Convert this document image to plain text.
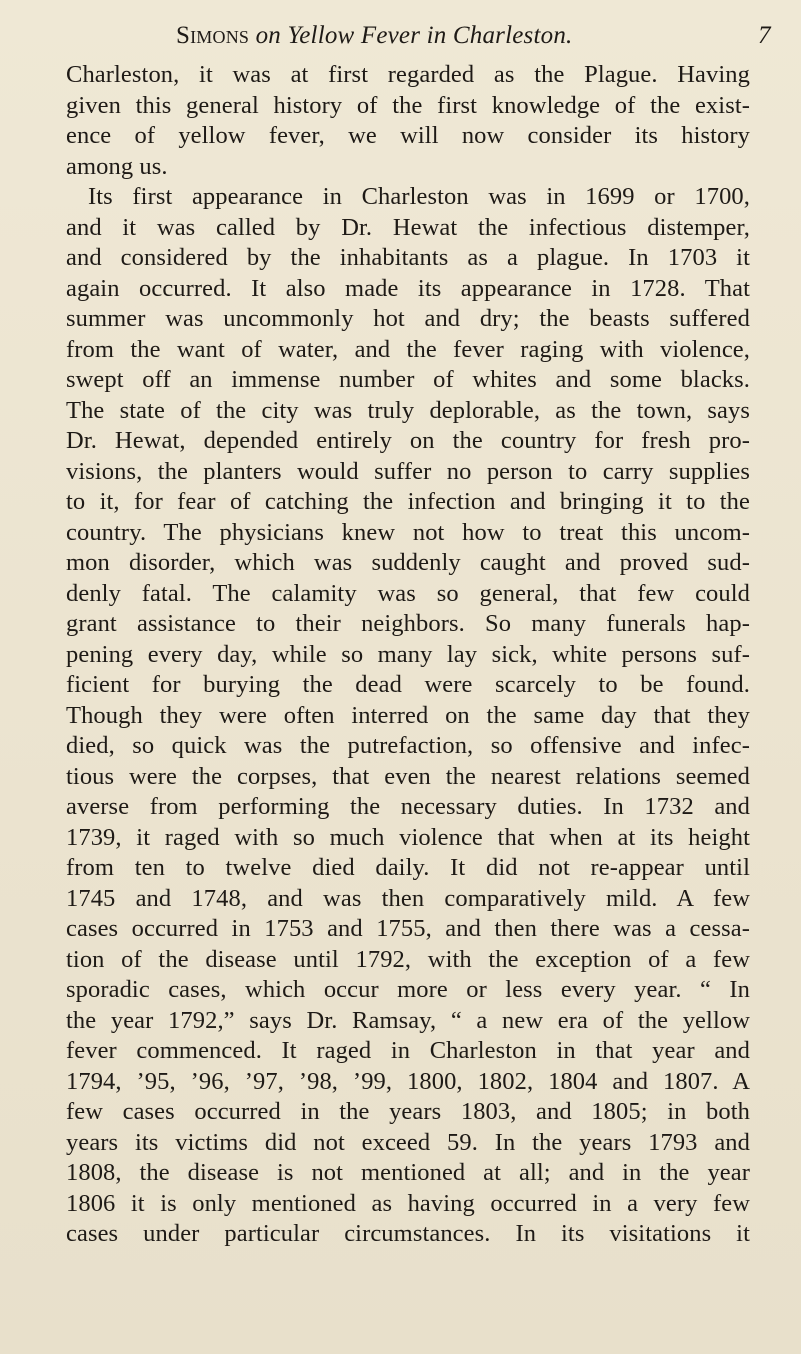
Simons on Yellow Fever in Charleston.	7
Charleston, it was at first regarded as the Plague. Having
given this general history of the first knowledge of the exist-
ence of yellow fever, we will now consider its history
among us.
Its first appearance in Charleston was in 1699 or 1700,
and it was called by Dr. Hewat the infectious distemper,
and considered by the inhabitants as a plague. In 1703 it
again occurred. It also made its appearance in 1728. That
summer was uncommonly hot and dry; the beasts suffered
from the want of water, and the fever raging with violence,
swept off an immense number of whites and some blacks.
The state of the city was truly deplorable, as the town, says
Dr. Hewat, depended entirely on the country for fresh pro-
visions, the planters would suffer no person to carry supplies
to it, for fear of catching the infection and bringing it to the
country. The physicians knew not how to treat this uncom-
mon disorder, which was suddenly caught and proved sud-
denly fatal. The calamity was so general, that few could
grant assistance to their neighbors. So many funerals hap-
pening every day, while so many lay sick, white persons suf-
ficient for burying the dead were scarcely to be found.
Though they were often interred on the same day that they
died, so quick was the putrefaction, so offensive and infec-
tious were the corpses, that even the nearest relations seemed
averse from performing the necessary duties. In 1732 and
1739, it raged with so much violence that when at its height
from ten to twelve died daily. It did not re-appear until
1745 and 1748, and was then comparatively mild. A few
cases occurred in 1753 and 1755, and then there was a cessa-
tion of the disease until 1792, with the exception of a few
sporadic cases, which occur more or less every year. “ In
the year 1792,” says Dr. Ramsay, “ a new era of the yellow
fever commenced. It raged in Charleston in that year and
1794, ’95, ’96, ’97, ’98, ’99, 1800, 1802, 1804 and 1807. A
few cases occurred in the years 1803, and 1805; in both
years its victims did not exceed 59. In the years 1793 and
1808, the disease is not mentioned at all; and in the year
1806 it is only mentioned as having occurred in a very few
cases under particular circumstances. In its visitations it
